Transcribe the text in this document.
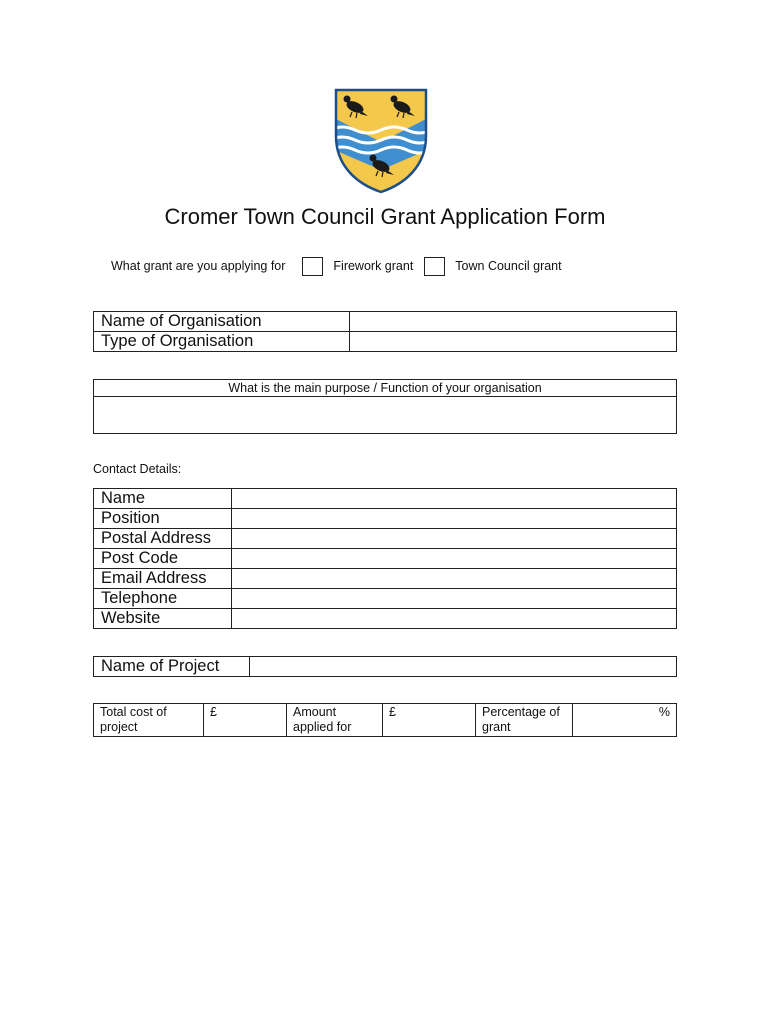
Cromer Town Council Grant Application Form
What grant are you applying for	Firework grant	Town Council grant
Name of Organisation	
Type of Organisation	
What is the main purpose / Function of your organisation

Contact Details:
Name	
Position	
Postal Address	
Post Code	
Email Address	
Telephone	
Website	
Name of Project	
Total cost of project	£	Amount applied for	£	Percentage of grant	%
